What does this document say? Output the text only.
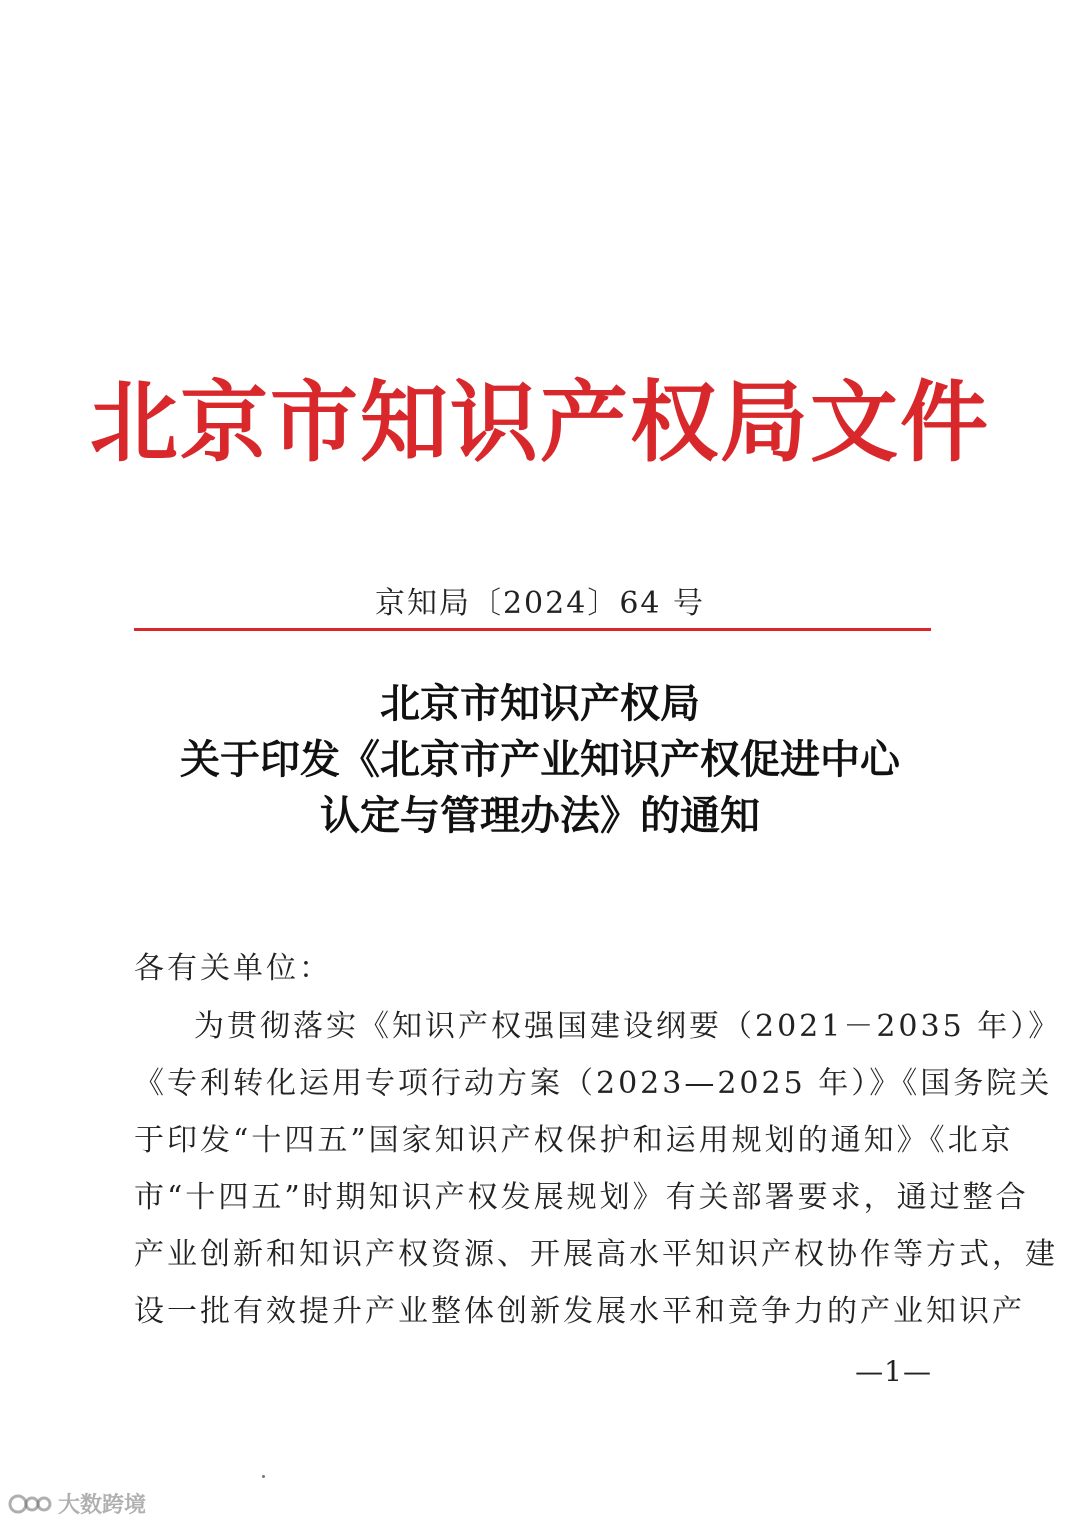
北京市知识产权局文件
京知局〔2024〕64 号
北京市知识产权局
关于印发《北京市产业知识产权促进中心
认定与管理办法》的通知
各有关单位：
为贯彻落实《知识产权强国建设纲要（2021－2035 年）》
《专利转化运用专项行动方案（2023—2025 年）》《国务院关
于印发“十四五”国家知识产权保护和运用规划的通知》《北京
市“十四五”时期知识产权发展规划》有关部署要求，通过整合
产业创新和知识产权资源、开展高水平知识产权协作等方式，建
设一批有效提升产业整体创新发展水平和竞争力的产业知识产
—1—
大数跨境
